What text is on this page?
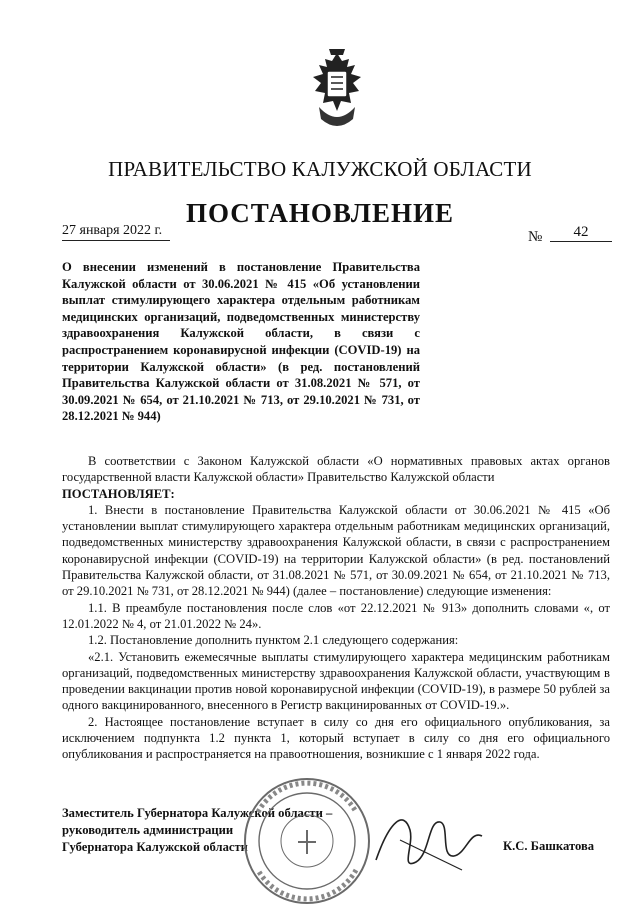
ПРАВИТЕЛЬСТВО КАЛУЖСКОЙ ОБЛАСТИ
ПОСТАНОВЛЕНИЕ
27 января 2022 г.	№	42
О внесении изменений в постановление Правительства Калужской области от 30.06.2021 № 415 «Об установлении выплат стимулирующего характера отдельным работникам медицинских организаций, подведомственных министерству здравоохранения Калужской области, в связи с распространением коронавирусной инфекции (COVID-19) на территории Калужской области» (в ред. постановлений Правительства Калужской области от 31.08.2021 № 571, от 30.09.2021 № 654, от 21.10.2021 № 713, от 29.10.2021 № 731, от 28.12.2021 № 944)

В соответствии с Законом Калужской области «О нормативных правовых актах органов государственной власти Калужской области» Правительство Калужской области

ПОСТАНОВЛЯЕТ:

1. Внести в постановление Правительства Калужской области от 30.06.2021 № 415 «Об установлении выплат стимулирующего характера отдельным работникам медицинских организаций, подведомственных министерству здравоохранения Калужской области, в связи с распространением коронавирусной инфекции (COVID-19) на территории Калужской области» (в ред. постановлений Правительства Калужской области, от 31.08.2021 № 571, от 30.09.2021 № 654, от 21.10.2021 № 713, от 29.10.2021 № 731, от 28.12.2021 № 944) (далее – постановление) следующие изменения:

1.1. В преамбуле постановления после слов «от 22.12.2021 № 913» дополнить словами «, от 12.01.2022 № 4, от 21.01.2022 № 24».

1.2. Постановление дополнить пунктом 2.1 следующего содержания:

«2.1. Установить ежемесячные выплаты стимулирующего характера медицинским работникам организаций, подведомственных министерству здравоохранения Калужской области, участвующим в проведении вакцинации против новой коронавирусной инфекции (COVID-19), в размере 50 рублей за одного вакцинированного, внесенного в Регистр вакцинированных от COVID-19.».

2. Настоящее постановление вступает в силу со дня его официального опубликования, за исключением подпункта 1.2 пункта 1, который вступает в силу со дня его официального опубликования и распространяется на правоотношения, возникшие с 1 января 2022 года.

Заместитель Губернатора Калужской области –
руководитель администрации
Губернатора Калужской области	К.С. Башкатова
